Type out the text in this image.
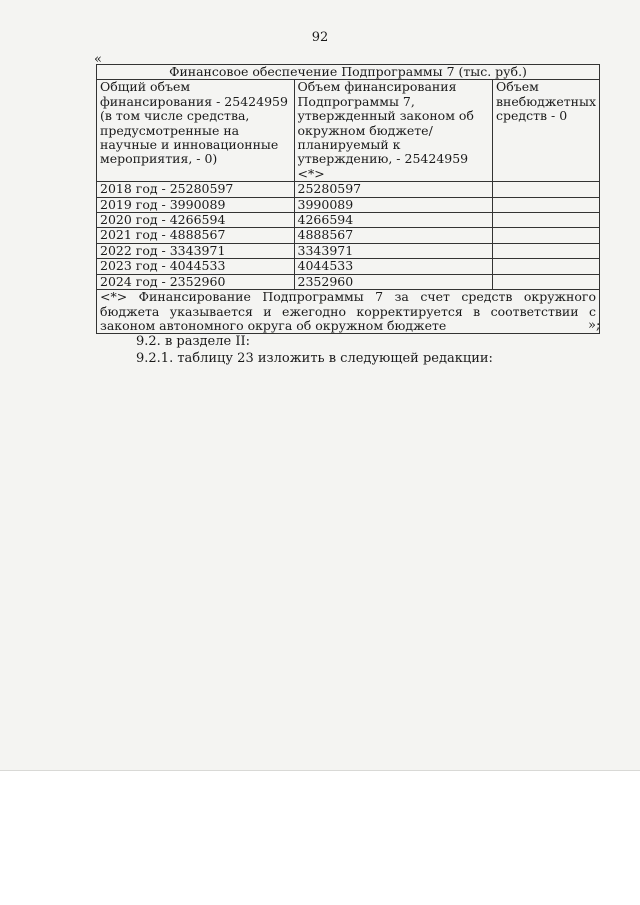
92
«
Финансовое обеспечение Подпрограммы 7 (тыс. руб.)		
Общий объем финансирования - 25424959 (в том числе средства, предусмотренные на научные и инновационные мероприятия, - 0)	Объем финансирования Подпрограммы 7, утвержденный законом об окружном бюджете/планируемый к утверждению, - 25424959 <*>	Объем внебюджетных средств - 0
2018 год - 25280597	25280597	
2019 год - 3990089	3990089	
2020 год - 4266594	4266594	
2021 год - 4888567	4888567	
2022 год - 3343971	3343971	
2023 год - 4044533	4044533	
2024 год - 2352960	2352960	
<*> Финансирование Подпрограммы 7 за счет средств окружного бюджета указывается и ежегодно корректируется в соответствии с законом автономного округа об окружном бюджете			»;
9.2. в разделе II:
9.2.1. таблицу 23 изложить в следующей редакции:
